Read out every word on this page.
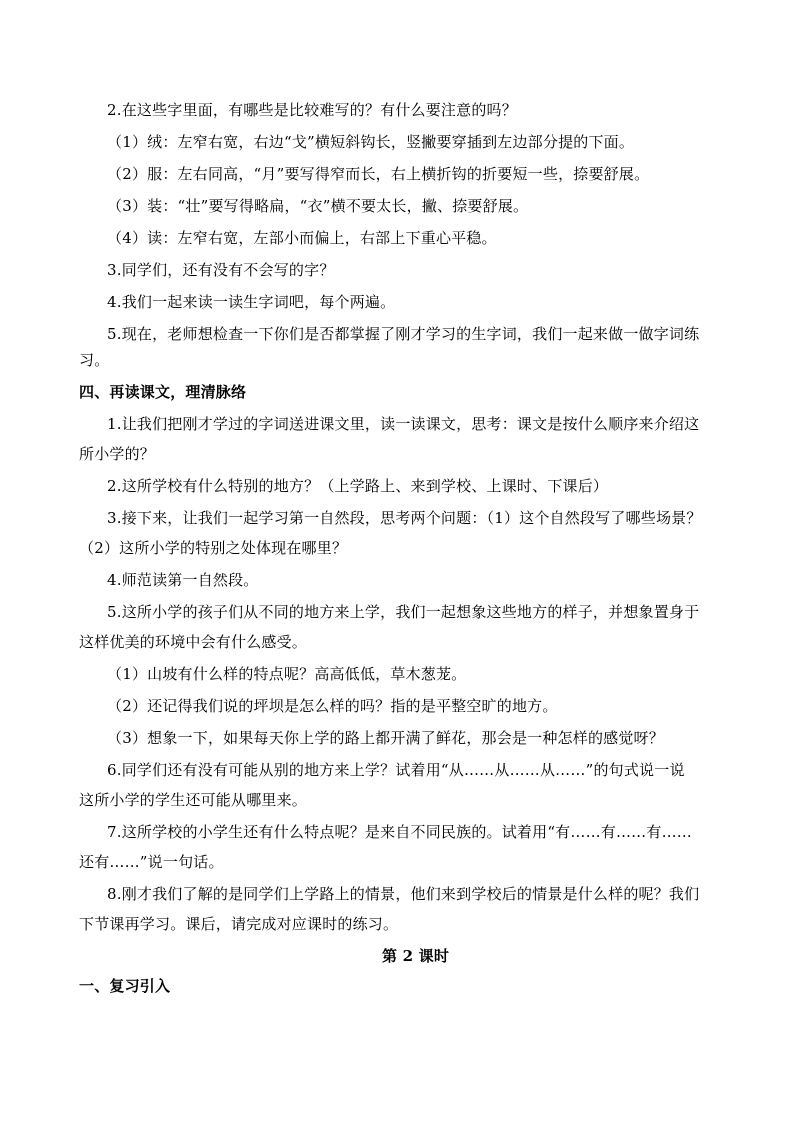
2.在这些字里面，有哪些是比较难写的？有什么要注意的吗？
（1）绒：左窄右宽，右边“戈”横短斜钩长，竖撇要穿插到左边部分提的下面。
（2）服：左右同高，“月”要写得窄而长，右上横折钩的折要短一些，捺要舒展。
（3）装：“壮”要写得略扁，“衣”横不要太长，撇、捺要舒展。
（4）读：左窄右宽，左部小而偏上，右部上下重心平稳。
3.同学们，还有没有不会写的字？
4.我们一起来读一读生字词吧，每个两遍。
5.现在，老师想检查一下你们是否都掌握了刚才学习的生字词，我们一起来做一做字词练
习。
四、再读课文，理清脉络
1.让我们把刚才学过的字词送进课文里，读一读课文，思考：课文是按什么顺序来介绍这
所小学的？
2.这所学校有什么特别的地方？（上学路上、来到学校、上课时、下课后）
3.接下来，让我们一起学习第一自然段，思考两个问题：（1）这个自然段写了哪些场景？
（2）这所小学的特别之处体现在哪里？
4.师范读第一自然段。
5.这所小学的孩子们从不同的地方来上学，我们一起想象这些地方的样子，并想象置身于
这样优美的环境中会有什么感受。
（1）山坡有什么样的特点呢？高高低低，草木葱茏。
（2）还记得我们说的坪坝是怎么样的吗？指的是平整空旷的地方。
（3）想象一下，如果每天你上学的路上都开满了鲜花，那会是一种怎样的感觉呀？
6.同学们还有没有可能从别的地方来上学？试着用“从……从……从……”的句式说一说
这所小学的学生还可能从哪里来。
7.这所学校的小学生还有什么特点呢？是来自不同民族的。试着用“有……有……有……
还有……”说一句话。
8.刚才我们了解的是同学们上学路上的情景，他们来到学校后的情景是什么样的呢？我们
下节课再学习。课后，请完成对应课时的练习。
第 2 课时
一、复习引入
